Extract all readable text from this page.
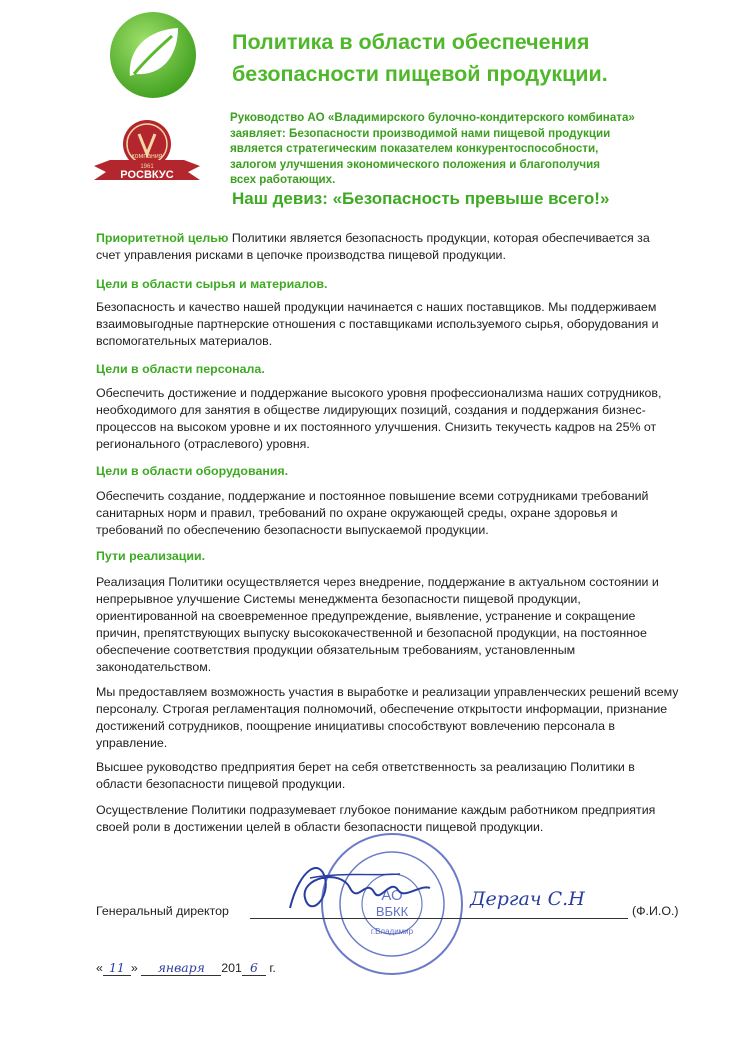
Политика в области обеспечения
безопасности пищевой продукции.
компания
1961
РОСВКУС
Руководство АО «Владимирского булочно-кондитерского комбината»
заявляет: Безопасности производимой нами пищевой продукции
является стратегическим показателем конкурентоспособности,
залогом улучшения экономического положения и благополучия
всех работающих.
Наш девиз: «Безопасность превыше всего!»
Приоритетной целью Политики является безопасность продукции, которая обеспечивается за
счет управления рисками в цепочке производства пищевой продукции.
Цели в области сырья и материалов.
Безопасность и качество нашей продукции начинается с наших поставщиков. Мы поддерживаем
взаимовыгодные партнерские отношения с поставщиками используемого сырья, оборудования и
вспомогательных материалов.
Цели в области персонала.
Обеспечить достижение и поддержание высокого уровня профессионализма наших сотрудников,
необходимого для занятия в обществе лидирующих позиций, создания и поддержания бизнес-
процессов на высоком уровне и их постоянного улучшения. Снизить текучесть кадров на 25% от
регионального (отраслевого) уровня.
Цели в области оборудования.
Обеспечить создание, поддержание и постоянное повышение всеми сотрудниками требований
санитарных норм и правил, требований по охране окружающей среды, охране здоровья и
требований по обеспечению безопасности выпускаемой продукции.
Пути реализации.
Реализация Политики осуществляется через внедрение, поддержание в актуальном состоянии и
непрерывное улучшение Системы менеджмента безопасности пищевой продукции,
ориентированной на своевременное предупреждение, выявление, устранение и сокращение
причин, препятствующих выпуску высококачественной и безопасной продукции, на постоянное
обеспечение соответствия продукции обязательным требованиям, установленным
законодательством.
Мы предоставляем возможность участия в выработке и реализации управленческих решений всему
персоналу. Строгая регламентация полномочий, обеспечение открытости информации, признание
достижений сотрудников, поощрение инициативы способствуют вовлечению персонала в
управление.
Высшее руководство предприятия берет на себя ответственность за реализацию Политики в
области безопасности пищевой продукции.
Осуществление Политики подразумевает глубокое понимание каждым работником предприятия
своей роли в достижении целей в области безопасности пищевой продукции.
АО
ВБКК
г.Владимир
Генеральный директор
Дергач С.Н
(Ф.И.О.)
« 11 » января 201 6 г.
